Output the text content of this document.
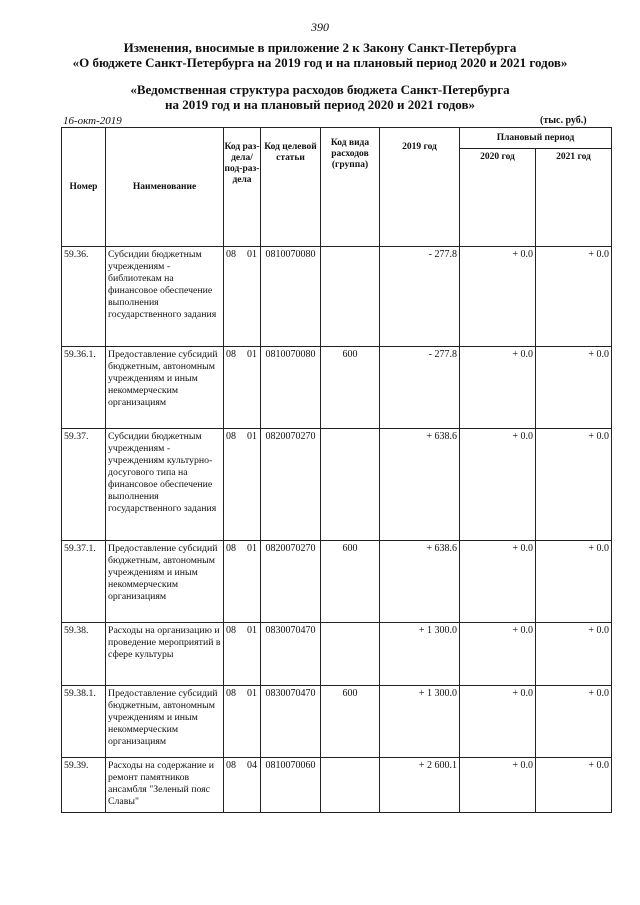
390
Изменения, вносимые в приложение 2 к Закону Санкт-Петербурга
«О бюджете Санкт-Петербурга на 2019 год и на плановый период 2020 и 2021 годов»
«Ведомственная структура расходов бюджета Санкт-Петербурга
на 2019 год и на плановый период 2020 и 2021 годов»
16-окт-2019	(тыс. руб.)
Номер	Наименование	Код раз-дела/ под-раз-дела	Код целевой статьи	Код вида расходов (группа)	2019 год	Плановый период	
						2020 год	2021 год
59.36.	Субсидии бюджетным учреждениям - библиотекам на финансовое обеспечение выполнения государственного задания	08 01	0810070080		- 277.8	+ 0.0	+ 0.0
59.36.1.	Предоставление субсидий бюджетным, автономным учреждениям и иным некоммерческим организациям	08 01	0810070080	600	- 277.8	+ 0.0	+ 0.0
59.37.	Субсидии бюджетным учреждениям - учреждениям культурно-досугового типа на финансовое обеспечение выполнения государственного задания	08 01	0820070270		+ 638.6	+ 0.0	+ 0.0
59.37.1.	Предоставление субсидий бюджетным, автономным учреждениям и иным некоммерческим организациям	08 01	0820070270	600	+ 638.6	+ 0.0	+ 0.0
59.38.	Расходы на организацию и проведение мероприятий в сфере культуры	08 01	0830070470		+ 1 300.0	+ 0.0	+ 0.0
59.38.1.	Предоставление субсидий бюджетным, автономным учреждениям и иным некоммерческим организациям	08 01	0830070470	600	+ 1 300.0	+ 0.0	+ 0.0
59.39.	Расходы на содержание и ремонт памятников ансамбля "Зеленый пояс Славы"	08 04	0810070060		+ 2 600.1	+ 0.0	+ 0.0
